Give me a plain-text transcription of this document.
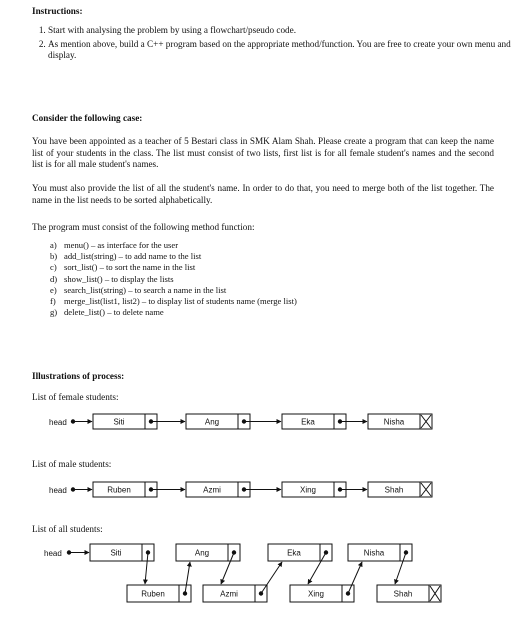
Instructions:
1. Start with analysing the problem by using a flowchart/pseudo code.
2. As mention above, build a C++ program based on the appropriate method/function. You are free to create your own menu and display.
Consider the following case:
You have been appointed as a teacher of 5 Bestari class in SMK Alam Shah. Please create a program that can keep the name list of your students in the class. The list must consist of two lists, first list is for all female student's names and the second list is for all male student's names.
You must also provide the list of all the student's name. In order to do that, you need to merge both of the list together. The name in the list needs to be sorted alphabetically.
The program must consist of the following method function:
a) menu() – as interface for the user
b) add_list(string) – to add name to the list
c) sort_list() – to sort the name in the list
d) show_list() – to display the lists
e) search_list(string) – to search a name in the list
f) merge_list(list1, list2) – to display list of students name (merge list)
g) delete_list() – to delete name
Illustrations of process:
List of female students:
List of male students:
List of all students:
head	Siti	Ang	Eka	Nisha
head	Ruben	Azmi	Xing	Shah
head	Siti
Ruben
Ang
Azmi
Eka
Xing
Nisha
Shah
